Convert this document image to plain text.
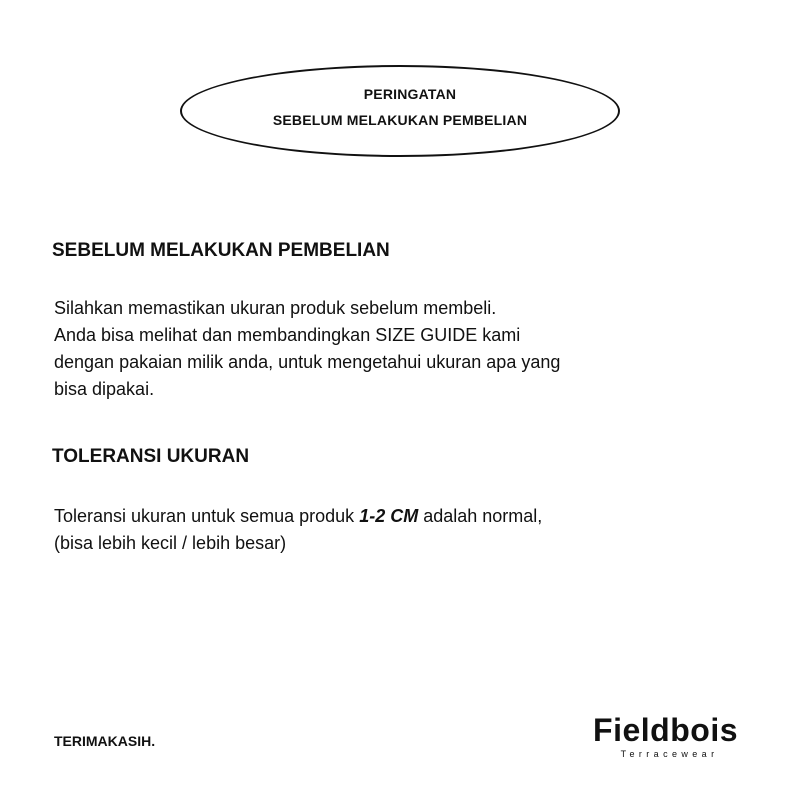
PERINGATAN
SEBELUM MELAKUKAN PEMBELIAN
SEBELUM MELAKUKAN PEMBELIAN

Silahkan memastikan ukuran produk sebelum membeli.
Anda bisa melihat dan membandingkan SIZE GUIDE kami
dengan pakaian milik anda, untuk mengetahui ukuran apa yang
bisa dipakai.

TOLERANSI UKURAN

Toleransi ukuran untuk semua produk 1-2 CM adalah normal,
(bisa lebih kecil / lebih besar)

TERIMAKASIH.	Fieldbois
Terracewear
